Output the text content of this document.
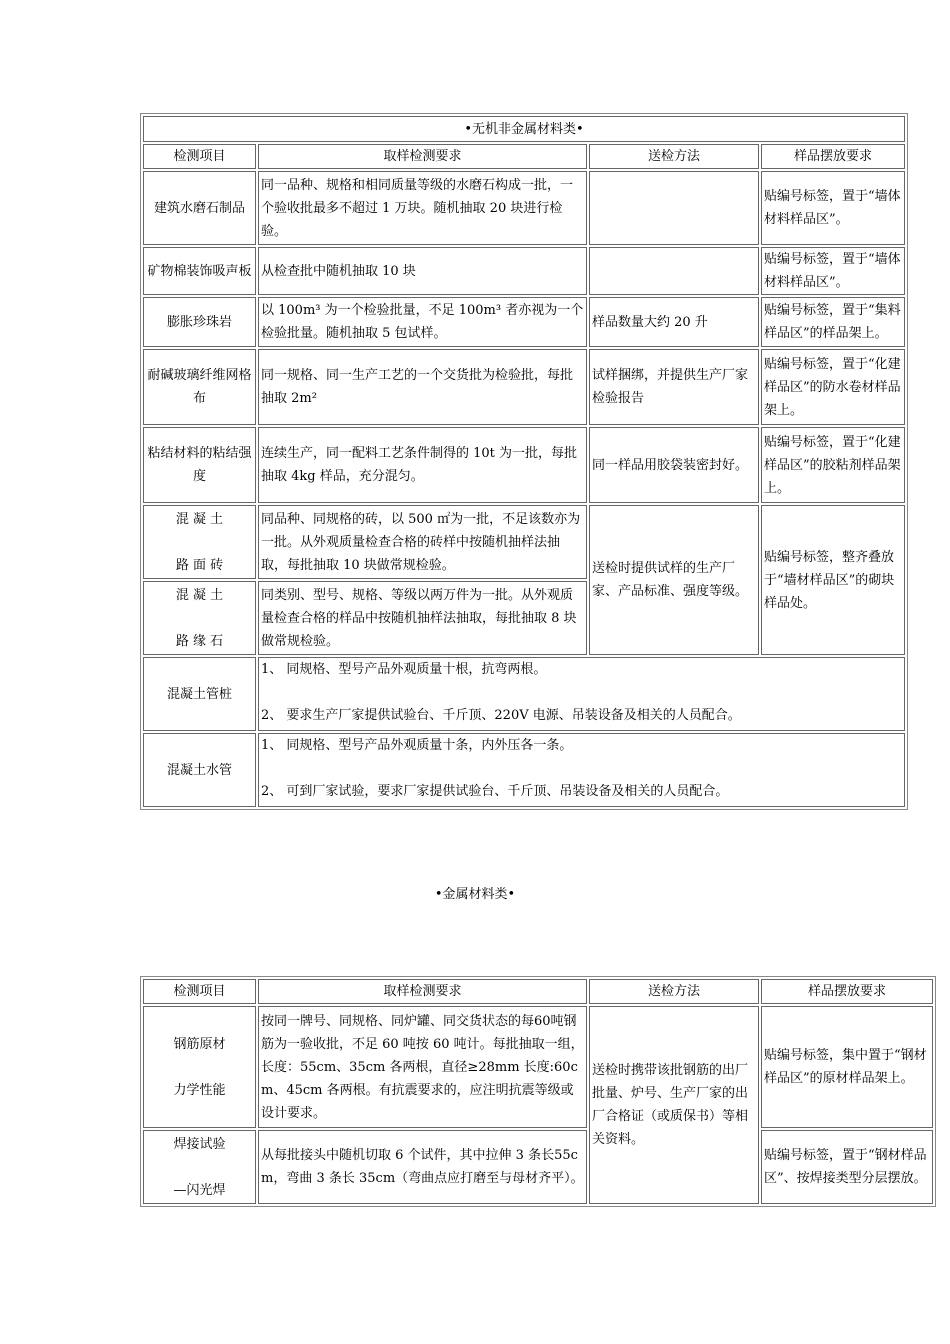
•无机非金属材料类•			
检测项目	取样检测要求	送检方法	样品摆放要求
建筑水磨石制品	同一品种、规格和相同质量等级的水磨石构成一批，一个验收批最多不超过 1 万块。随机抽取 20 块进行检验。		贴编号标签，置于“墙体材料样品区”。
矿物棉装饰吸声板	从检查批中随机抽取 10 块		贴编号标签，置于“墙体材料样品区”。
膨胀珍珠岩	以 100m³ 为一个检验批量，不足 100m³ 者亦视为一个检验批量。随机抽取 5 包试样。	样品数量大约 20 升	贴编号标签，置于“集料样品区”的样品架上。
耐碱玻璃纤维网格布	同一规格、同一生产工艺的一个交货批为检验批，每批抽取 2m²	试样捆绑，并提供生产厂家检验报告	贴编号标签，置于“化建样品区”的防水卷材样品架上。
粘结材料的粘结强度	连续生产，同一配料工艺条件制得的 10t 为一批，每批抽取 4kg 样品，充分混匀。	同一样品用胶袋装密封好。	贴编号标签，置于“化建样品区”的胶粘剂样品架上。

混 凝 土
路 面 砖	同品种、同规格的砖，以 500 ㎡为一批，不足该数亦为一批。从外观质量检查合格的砖样中按随机抽样法抽取，每批抽取 10 块做常规检验。	送检时提供试样的生产厂家、产品标准、强度等级。	贴编号标签，整齐叠放于“墙材样品区”的砌块样品处。

混 凝 土
路 缘 石	同类别、型号、规格、等级以两万件为一批。从外观质量检查合格的样品中按随机抽样法抽取，每批抽取 8 块做常规检验。		
混凝土管桩	1、 同规格、型号产品外观质量十根，抗弯两根。
2、 要求生产厂家提供试验台、千斤顶、220V 电源、吊装设备及相关的人员配合。		

混凝土水管	1、 同规格、型号产品外观质量十条，内外压各一条。
2、 可到厂家试验，要求厂家提供试验台、千斤顶、吊装设备及相关的人员配合。		
•金属材料类•
检测项目	取样检测要求	送检方法	样品摆放要求

钢筋原材
力学性能	按同一牌号、同规格、同炉罐、同交货状态的每60吨钢筋为一验收批，不足 60 吨按 60 吨计。每批抽取一组，长度：55cm、35cm 各两根，直径≥28mm 长度:60cm、45cm 各两根。有抗震要求的，应注明抗震等级或设计要求。	送检时携带该批钢筋的出厂批量、炉号、生产厂家的出厂合格证（或质保书）等相关资料。	贴编号标签，集中置于“钢材样品区”的原材样品架上。

焊接试验
—闪光焊	从每批接头中随机切取 6 个试件，其中拉伸 3 条长55cm，弯曲 3 条长 35cm（弯曲点应打磨至与母材齐平）。		贴编号标签，置于“钢材样品区”、按焊接类型分层摆放。
